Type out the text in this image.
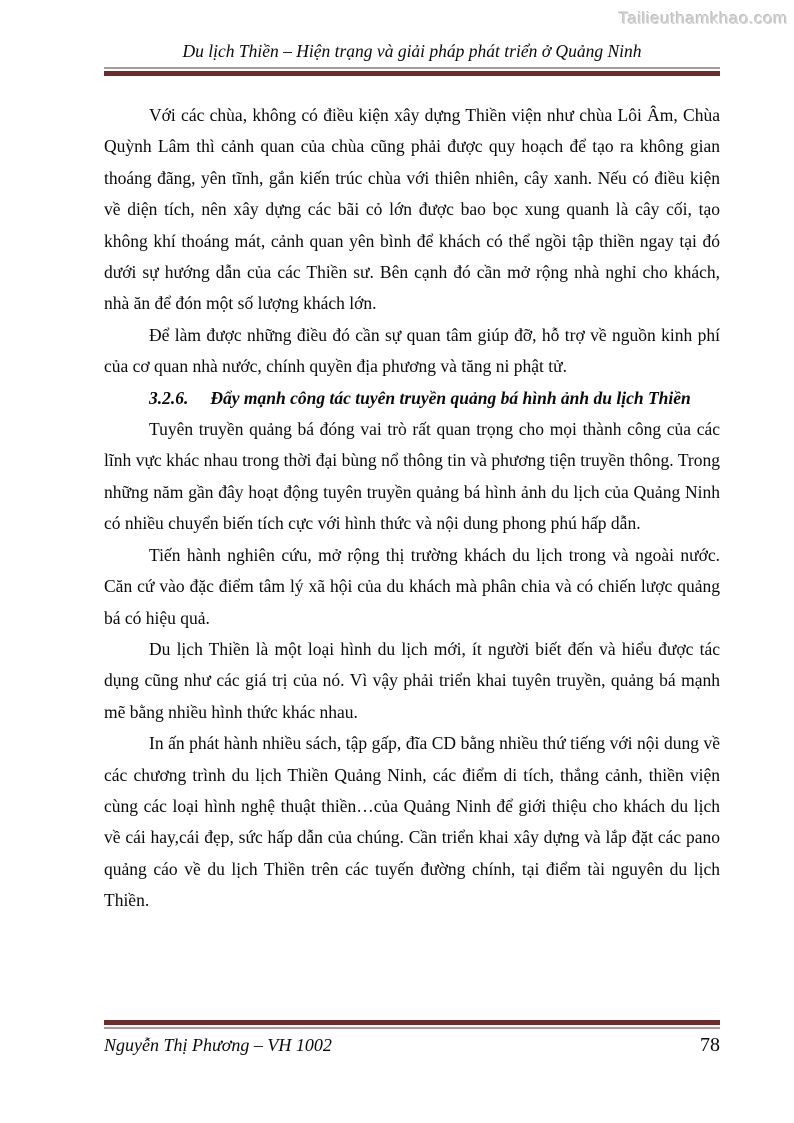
Tailieuthamkhao.com
Du lịch Thiền – Hiện trạng và giải pháp phát triển ở Quảng Ninh

Với các chùa, không có điều kiện xây dựng Thiền viện như chùa Lôi Âm, Chùa Quỳnh Lâm thì cảnh quan của chùa cũng phải được quy hoạch để tạo ra không gian thoáng đãng, yên tĩnh, gắn kiến trúc chùa với thiên nhiên, cây xanh. Nếu có điều kiện về diện tích, nên xây dựng các bãi cỏ lớn được bao bọc xung quanh là cây cối, tạo không khí thoáng mát, cảnh quan yên bình để khách có thể ngồi tập thiền ngay tại đó dưới sự hướng dẫn của các Thiền sư. Bên cạnh đó cần mở rộng nhà nghỉ cho khách, nhà ăn để đón một số lượng khách lớn.

Để làm được những điều đó cần sự quan tâm giúp đỡ, hỗ trợ về nguồn kinh phí của cơ quan nhà nước, chính quyền địa phương và tăng ni phật tử.

3.2.6. Đẩy mạnh công tác tuyên truyền quảng bá hình ảnh du lịch Thiền

Tuyên truyền quảng bá đóng vai trò rất quan trọng cho mọi thành công của các lĩnh vực khác nhau trong thời đại bùng nổ thông tin và phương tiện truyền thông. Trong những năm gần đây hoạt động tuyên truyền quảng bá hình ảnh du lịch của Quảng Ninh có nhiều chuyển biến tích cực với hình thức và nội dung phong phú hấp dẫn.

Tiến hành nghiên cứu, mở rộng thị trường khách du lịch trong và ngoài nước. Căn cứ vào đặc điểm tâm lý xã hội của du khách mà phân chia và có chiến lược quảng bá có hiệu quả.

Du lịch Thiền là một loại hình du lịch mới, ít người biết đến và hiểu được tác dụng cũng như các giá trị của nó. Vì vậy phải triển khai tuyên truyền, quảng bá mạnh mẽ bằng nhiều hình thức khác nhau.

In ấn phát hành nhiều sách, tập gấp, đĩa CD bằng nhiều thứ tiếng với nội dung về các chương trình du lịch Thiền Quảng Ninh, các điểm di tích, thắng cảnh, thiền viện cùng các loại hình nghệ thuật thiền…của Quảng Ninh để giới thiệu cho khách du lịch về cái hay,cái đẹp, sức hấp dẫn của chúng. Cần triển khai xây dựng và lắp đặt các pano quảng cáo về du lịch Thiền trên các tuyến đường chính, tại điểm tài nguyên du lịch Thiền.

Nguyễn Thị Phương – VH 1002	78
